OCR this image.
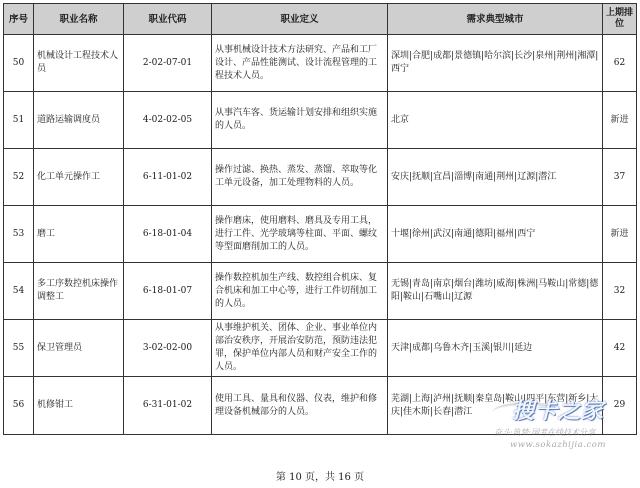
序号	职业名称	职业代码	职业定义	需求典型城市	上期排位
50	机械设计工程技术人员	2-02-07-01	从事机械设计技术方法研究、产品和工厂设计、产品性能测试、设计流程管理的工程技术人员。	深圳|合肥|成都|景德镇|哈尔滨|长沙|泉州|荆州|湘潭|西宁	62
51	道路运输调度员	4-02-02-05	从事汽车客、货运输计划安排和组织实施的人员。	北京	新进
52	化工单元操作工	6-11-01-02	操作过滤、换热、蒸发、蒸馏、萃取等化工单元设备，加工处理物料的人员。	安庆|抚顺|宜昌|淄博|南通|荆州|辽源|潜江	37
53	磨工	6-18-01-04	操作磨床，使用磨料、磨具及专用工具，进行工件、光学玻璃等柱面、平面、螺纹等型面磨削加工的人员。	十堰|徐州|武汉|南通|德阳|福州|西宁	新进
54	多工序数控机床操作调整工	6-18-01-07	操作数控机加生产线、数控组合机床、复合机床和加工中心等，进行工件切削加工的人员。	无锡|青岛|南京|烟台|潍坊|威海|株洲|马鞍山|常德|德阳|鞍山|石嘴山|辽源	32
55	保卫管理员	3-02-02-00	从事维护机关、团体、企业、事业单位内部治安秩序，开展治安防范，预防违法犯罪，保护单位内部人员和财产安全工作的人员。	天津|成都|乌鲁木齐|玉溪|银川|延边	42
56	机修钳工	6-31-01-02	使用工具、量具和仪器、仪表，维护和修理设备机械部分的人员。	芜湖|上海|泸州|抚顺|秦皇岛|鞍山|四平|东营|新乡|大庆|佳木斯|长春|潜江	29
搜卡之家
奋斗·筑梦·国考在线技术分享
www.sokazhijia.com
第 10 页，共 16 页
